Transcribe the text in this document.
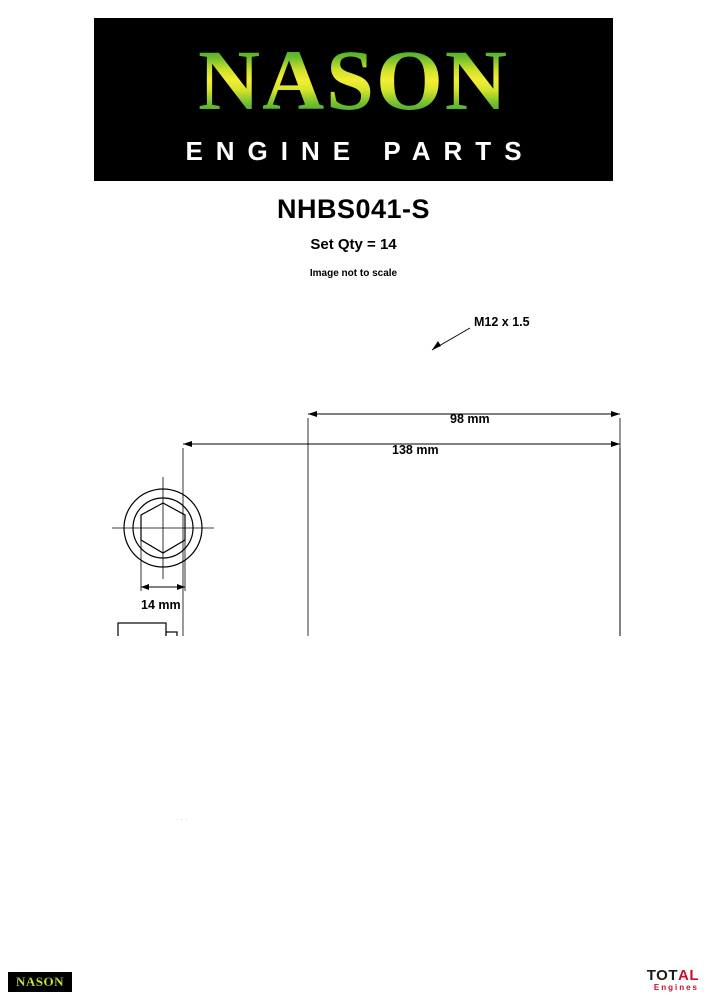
NASON
ENGINE PARTS
NHBS041-S
Set Qty = 14
Image not to scale
M12 x 1.5
98 mm
138 mm
14 mm
...
NASON	TOTAL
Engines
